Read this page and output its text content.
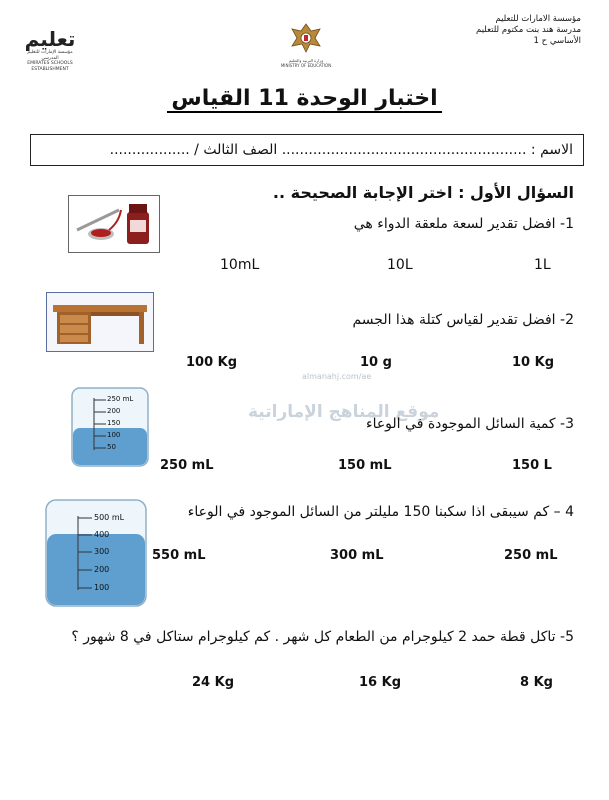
مؤسسة الامارات للتعليم
مدرسة هند بنت مكتوم للتعليم
الأساسي ح 1
وزارة التربية والتعليم
MINISTRY OF EDUCATION
تعليم
مؤسسة الإمارات للتعليم المدرسي
EMIRATES SCHOOLS ESTABLISHMENT
اختبار الوحدة 11 القياس
الاسم : ....................................................... الصف الثالث / ..................
السؤال الأول : اختر الإجابة الصحيحة ..
1- افضل تقدير لسعة ملعقة الدواء هي
1L
10L
10mL
2- افضل تقدير لقياس كتلة هذا الجسم
10 Kg
10 g
100 Kg
almanahj.com/ae
موقع المناهج الإماراتية
250 mL
200
150
100
50
3- كمية السائل الموجودة في الوعاء
150 L
150 mL
250 mL
500 mL
400
300
200
100
4 – كم سيبقى اذا سكبنا 150 مليلتر من السائل الموجود في الوعاء
250 mL
300 mL
550 mL
5- تاكل قطة حمد 2 كيلوجرام من الطعام كل شهر . كم كيلوجرام ستاكل في 8 شهور ؟
8 Kg
16 Kg
24 Kg
